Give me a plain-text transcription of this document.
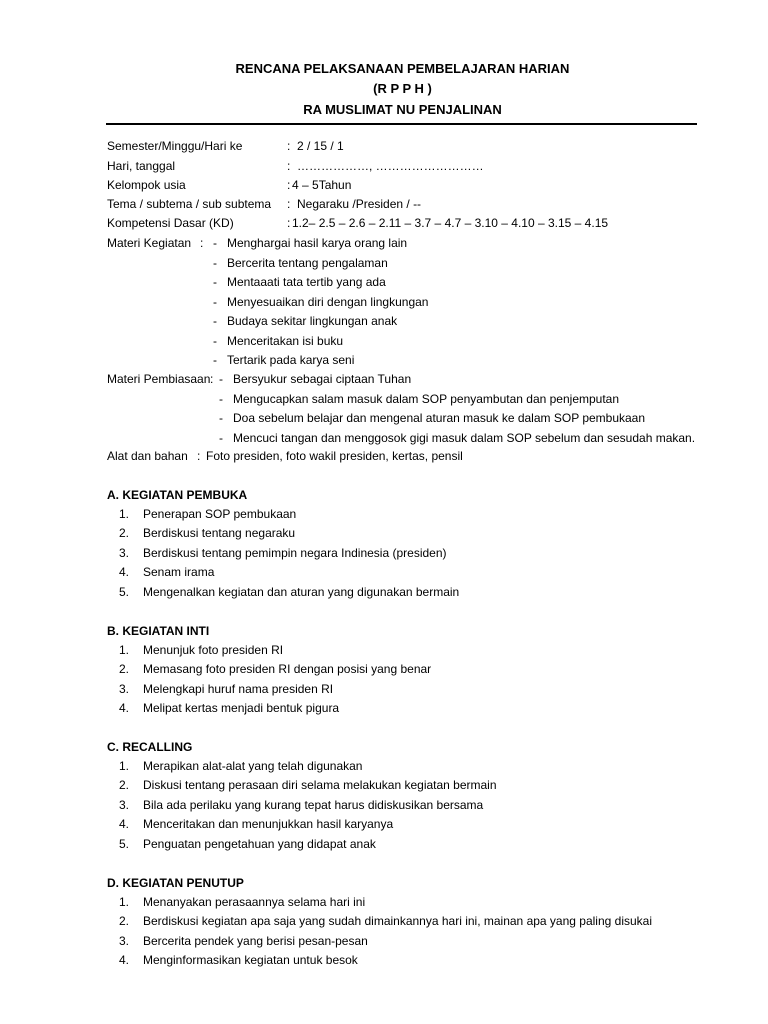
RENCANA PELAKSANAAN PEMBELAJARAN HARIAN
(R P P H )
RA MUSLIMAT NU PENJALINAN
Semester/Minggu/Hari ke	: 2 / 15 / 1
Hari, tanggal	: ………………, ………………………
Kelompok usia	: 4 – 5Tahun
Tema / subtema / sub subtema : Negaraku /Presiden / --
Kompetensi Dasar (KD)	: 1.2– 2.5 – 2.6 – 2.11 – 3.7 – 4.7 – 3.10 – 4.10 – 3.15 – 4.15
Materi Kegiatan : - Menghargai hasil karya orang lain
- Bercerita tentang pengalaman
- Mentaaati tata tertib yang ada
- Menyesuaikan diri dengan lingkungan
- Budaya sekitar lingkungan anak
- Menceritakan isi buku
- Tertarik pada karya seni
Materi Pembiasaan : - Bersyukur sebagai ciptaan Tuhan
- Mengucapkan salam masuk dalam SOP penyambutan dan penjemputan
- Doa sebelum belajar dan mengenal aturan masuk ke dalam SOP pembukaan
- Mencuci tangan dan menggosok gigi masuk dalam SOP sebelum dan sesudah makan.
Alat dan bahan : Foto presiden, foto wakil presiden, kertas, pensil
A. KEGIATAN PEMBUKA
1. Penerapan SOP pembukaan
2. Berdiskusi tentang negaraku
3. Berdiskusi tentang pemimpin negara Indinesia (presiden)
4. Senam irama
5. Mengenalkan kegiatan dan aturan yang digunakan bermain
B. KEGIATAN INTI
1. Menunjuk foto presiden RI
2. Memasang foto presiden RI dengan posisi yang benar
3. Melengkapi huruf nama presiden RI
4. Melipat kertas menjadi bentuk pigura
C. RECALLING
1. Merapikan alat-alat yang telah digunakan
2. Diskusi tentang perasaan diri selama melakukan kegiatan bermain
3. Bila ada perilaku yang kurang tepat harus didiskusikan bersama
4. Menceritakan dan menunjukkan hasil karyanya
5. Penguatan pengetahuan yang didapat anak
D. KEGIATAN PENUTUP
1. Menanyakan perasaannya selama hari ini
2. Berdiskusi kegiatan apa saja yang sudah dimainkannya hari ini, mainan apa yang paling disukai
3. Bercerita pendek yang berisi pesan-pesan
4. Menginformasikan kegiatan untuk besok
